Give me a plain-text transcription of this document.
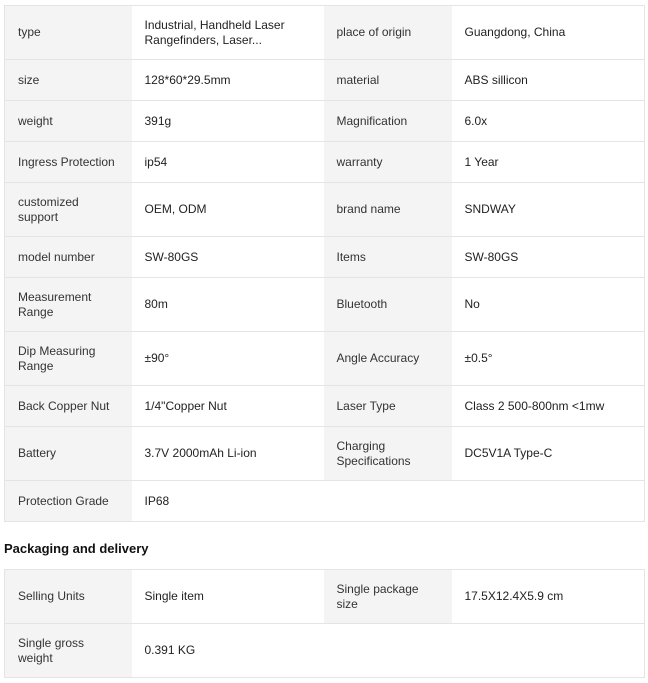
type	Industrial, Handheld Laser
Rangefinders, Laser...	place of origin	Guangdong, China
size	128*60*29.5mm	material	ABS sillicon
weight	391g	Magnification	6.0x
Ingress Protection	ip54	warranty	1 Year

customized
support	OEM, ODM	brand name	SNDWAY
model number	SW-80GS	Items	SW-80GS

Measurement
Range	80m	Bluetooth	No

Dip Measuring
Range	±90°	Angle Accuracy	±0.5°
Back Copper Nut	1/4"Copper Nut	Laser Type	Class 2 500-800nm <1mw
Battery	3.7V 2000mAh Li-ion	Charging
Specifications	DC5V1A Type-C
Protection Grade	IP68		
Packaging and delivery
Selling Units	Single item	Single package
size	17.5X12.4X5.9 cm

Single gross
weight	0.391 KG		
